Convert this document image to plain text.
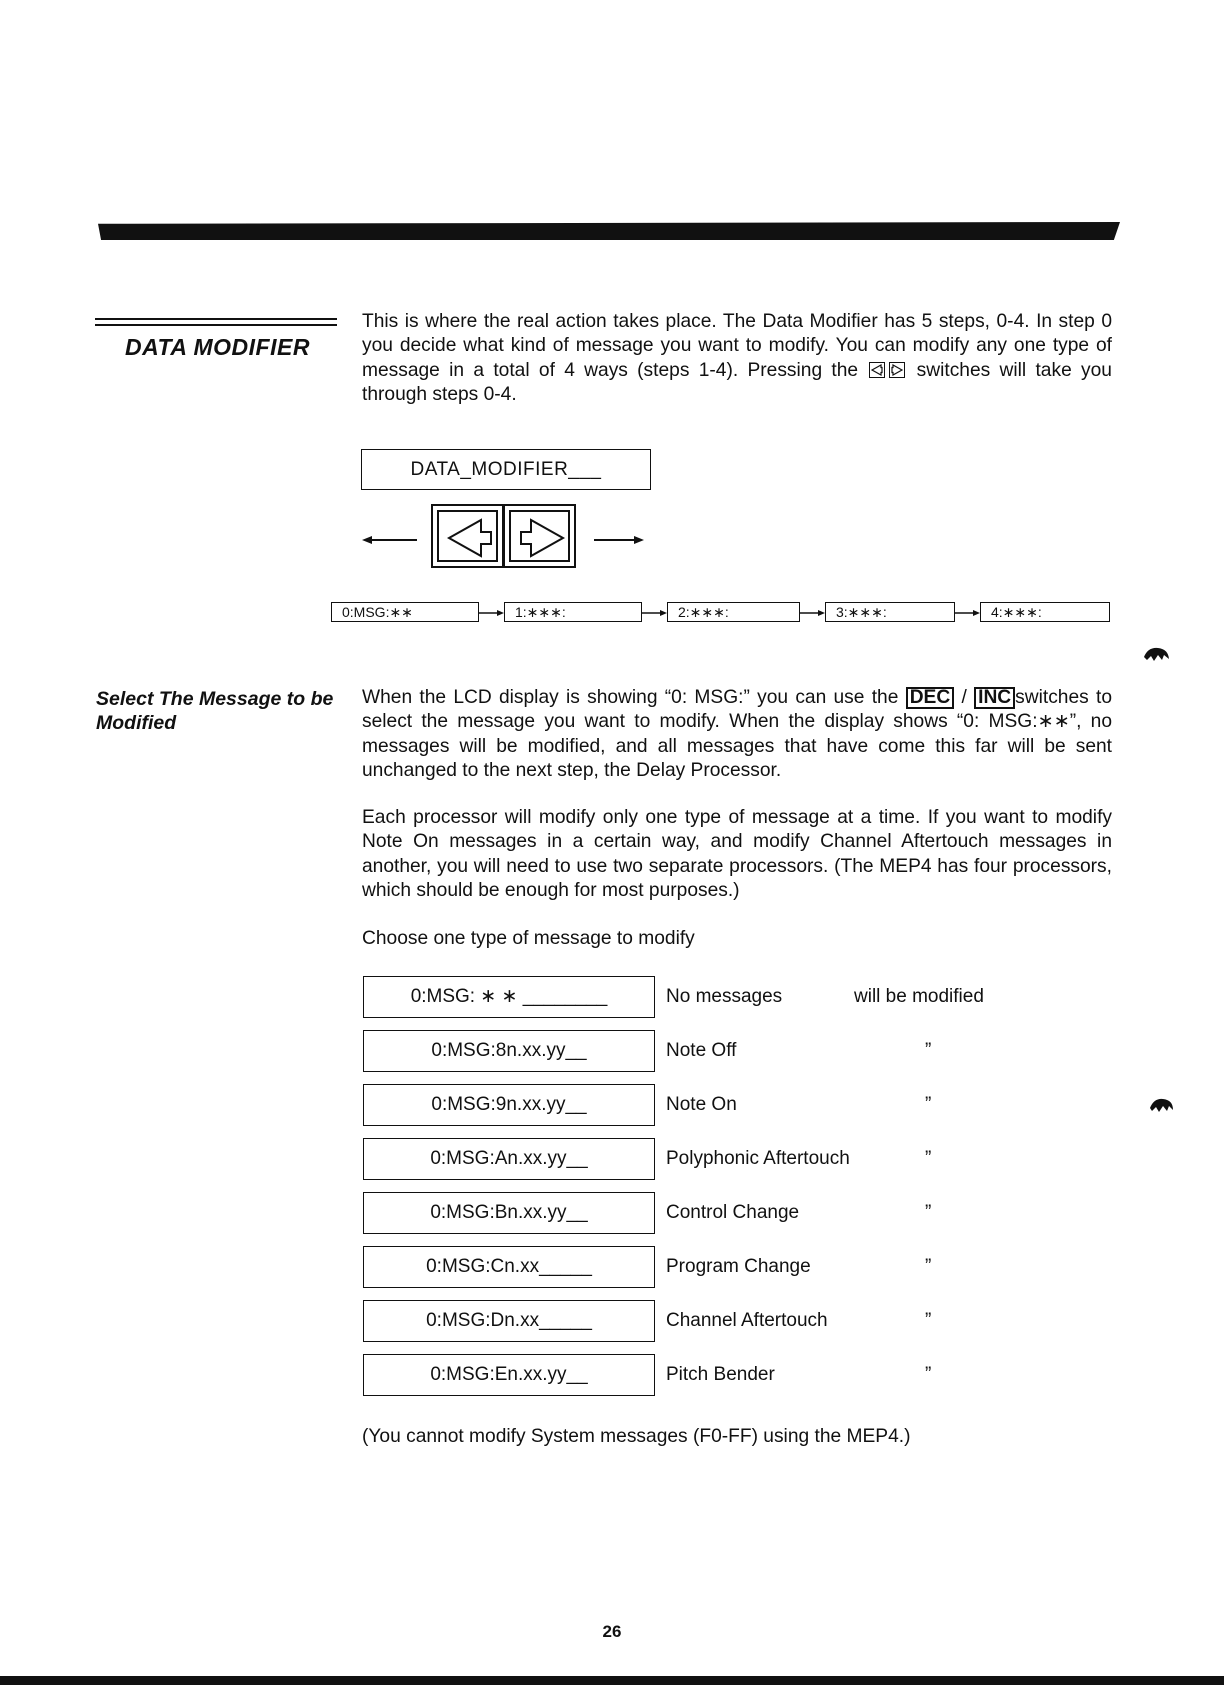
DATA MODIFIER

This is where the real action takes place. The Data Modifier has 5 steps, 0-4. In step 0 you decide what kind of message you want to modify. You can modify any one type of message in a total of 4 ways (steps 1-4). Pressing the	switches will take you through steps 0-4.

DATA_MODIFIER___
0:MSG:∗∗	1:∗∗∗:	2:∗∗∗:	3:∗∗∗:	4:∗∗∗:

Select The Message to be Modified

When the LCD display is showing “0: MSG:” you can use the DEC / INC switches to select the message you want to modify. When the display shows “0: MSG:∗∗”, no messages will be modified, and all messages that have come this far will be sent unchanged to the next step, the Delay Processor.

Each processor will modify only one type of message at a time. If you want to modify Note On messages in a certain way, and modify Channel Aftertouch messages in another, you will need to use two separate processors. (The MEP4 has four processors, which should be enough for most purposes.)

Choose one type of message to modify

0:MSG: ∗ ∗ ________	No messages	will be modified
0:MSG:8n.xx.yy__	Note Off	”
0:MSG:9n.xx.yy__	Note On	”
0:MSG:An.xx.yy__	Polyphonic Aftertouch	”
0:MSG:Bn.xx.yy__	Control Change	”
0:MSG:Cn.xx_____	Program Change	”
0:MSG:Dn.xx_____	Channel Aftertouch	”
0:MSG:En.xx.yy__	Pitch Bender	”

(You cannot modify System messages (F0-FF) using the MEP4.)

26
